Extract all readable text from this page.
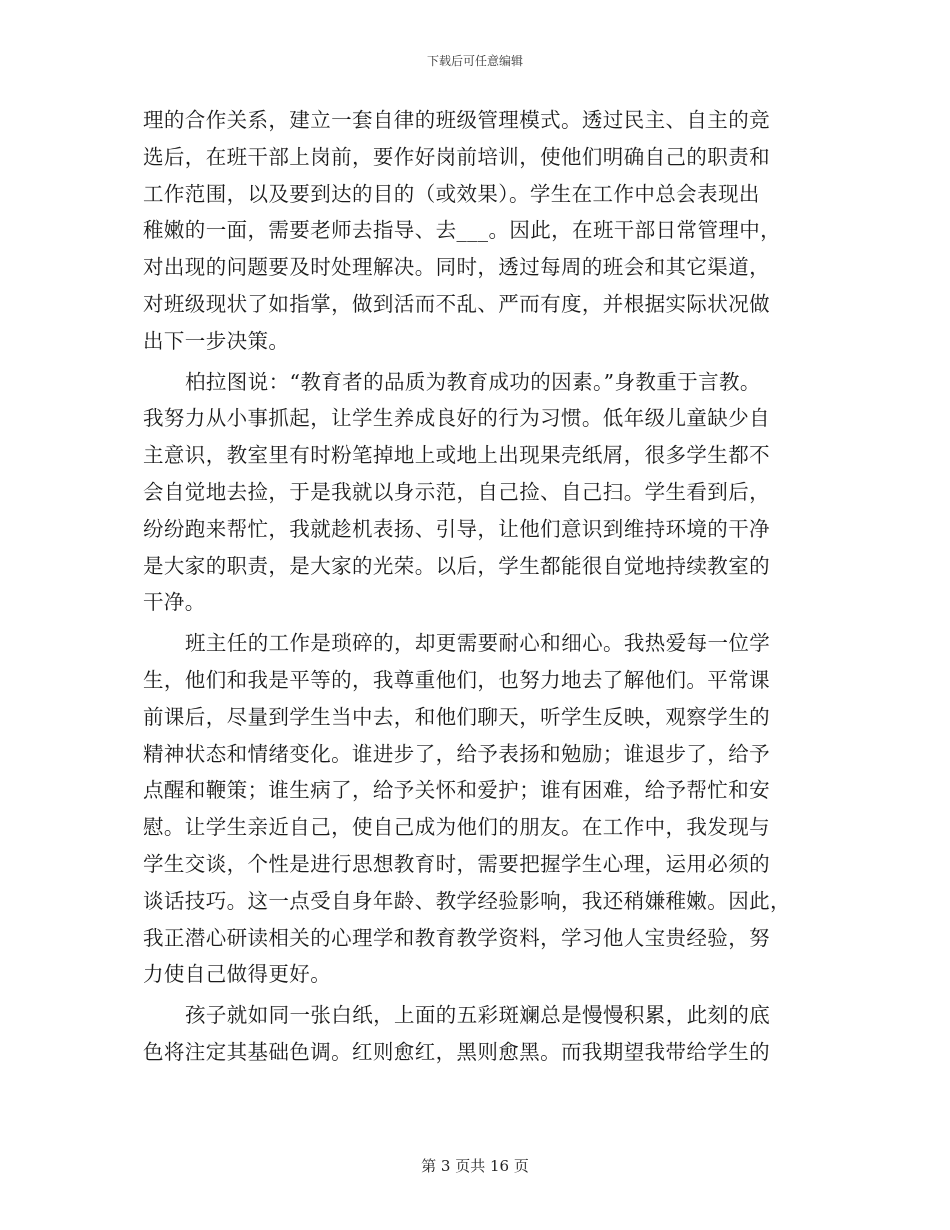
下载后可任意编辑

理的合作关系，建立一套自律的班级管理模式。透过民主、自主的竞
选后，在班干部上岗前，要作好岗前培训，使他们明确自己的职责和
工作范围，以及要到达的目的（或效果）。学生在工作中总会表现出
稚嫩的一面，需要老师去指导、去___。因此，在班干部日常管理中，
对出现的问题要及时处理解决。同时，透过每周的班会和其它渠道，
对班级现状了如指掌，做到活而不乱、严而有度，并根据实际状况做
出下一步决策。

柏拉图说：“教育者的品质为教育成功的因素。”身教重于言教。
我努力从小事抓起，让学生养成良好的行为习惯。低年级儿童缺少自
主意识，教室里有时粉笔掉地上或地上出现果壳纸屑，很多学生都不
会自觉地去捡，于是我就以身示范，自己捡、自己扫。学生看到后，
纷纷跑来帮忙，我就趁机表扬、引导，让他们意识到维持环境的干净
是大家的职责，是大家的光荣。以后，学生都能很自觉地持续教室的
干净。

班主任的工作是琐碎的，却更需要耐心和细心。我热爱每一位学
生，他们和我是平等的，我尊重他们，也努力地去了解他们。平常课
前课后，尽量到学生当中去，和他们聊天，听学生反映，观察学生的
精神状态和情绪变化。谁进步了，给予表扬和勉励；谁退步了，给予
点醒和鞭策；谁生病了，给予关怀和爱护；谁有困难，给予帮忙和安
慰。让学生亲近自己，使自己成为他们的朋友。在工作中，我发现与
学生交谈，个性是进行思想教育时，需要把握学生心理，运用必须的
谈话技巧。这一点受自身年龄、教学经验影响，我还稍嫌稚嫩。因此，
我正潜心研读相关的心理学和教育教学资料，学习他人宝贵经验，努
力使自己做得更好。

孩子就如同一张白纸，上面的五彩斑斓总是慢慢积累，此刻的底
色将注定其基础色调。红则愈红，黑则愈黑。而我期望我带给学生的

第 3 页共 16 页
